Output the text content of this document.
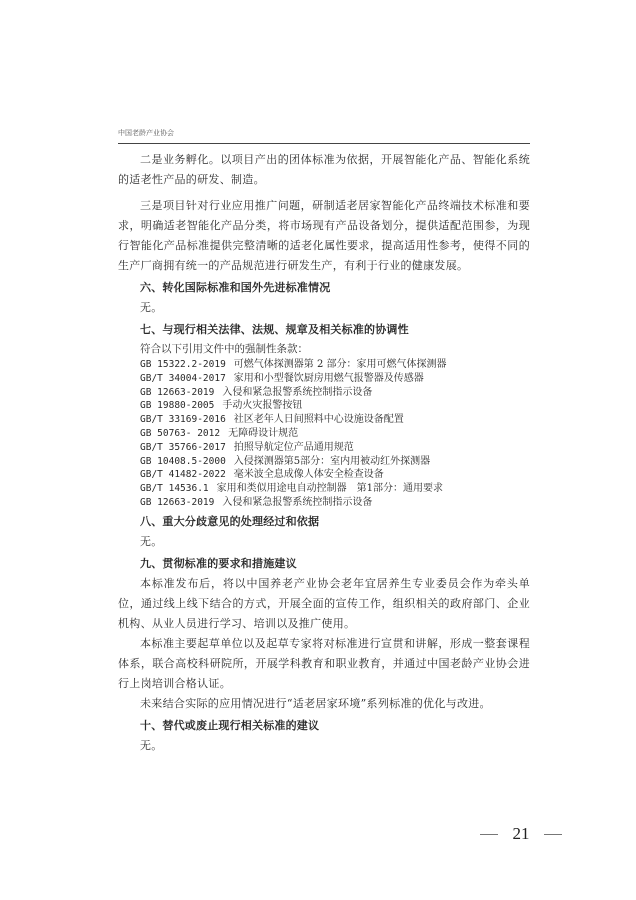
中国老龄产业协会

二是业务孵化。以项目产出的团体标准为依据，开展智能化产品、智能化系统的适老性产品的研发、制造。

三是项目针对行业应用推广问题，研制适老居家智能化产品终端技术标准和要求，明确适老智能化产品分类，将市场现有产品设备划分，提供适配范围参，为现行智能化产品标准提供完整清晰的适老化属性要求，提高适用性参考，使得不同的生产厂商拥有统一的产品规范进行研发生产，有利于行业的健康发展。

六、转化国际标准和国外先进标准情况

无。

七、与现行相关法律、法规、规章及相关标准的协调性

符合以下引用文件中的强制性条款：

GB 15322.2-2019 可燃气体探测器第 2 部分：家用可燃气体探测器
GB/T 34004-2017 家用和小型餐饮厨房用燃气报警器及传感器
GB 12663-2019 入侵和紧急报警系统控制指示设备
GB 19880-2005 手动火灾报警按钮
GB/T 33169-2016 社区老年人日间照料中心设施设备配置
GB 50763- 2012 无障碍设计规范
GB/T 35766-2017 拍照导航定位产品通用规范
GB 10408.5-2000 入侵探测器第5部分：室内用被动红外探测器
GB/T 41482-2022 毫米波全息成像人体安全检查设备
GB/T 14536.1 家用和类似用途电自动控制器　第1部分：通用要求
GB 12663-2019 入侵和紧急报警系统控制指示设备

八、重大分歧意见的处理经过和依据

无。

九、贯彻标准的要求和措施建议

本标准发布后，将以中国养老产业协会老年宜居养生专业委员会作为牵头单位，通过线上线下结合的方式，开展全面的宣传工作，组织相关的政府部门、企业机构、从业人员进行学习、培训以及推广使用。

本标准主要起草单位以及起草专家将对标准进行宣贯和讲解，形成一整套课程体系，联合高校科研院所，开展学科教育和职业教育，并通过中国老龄产业协会进行上岗培训合格认证。

未来结合实际的应用情况进行“适老居家环境”系列标准的优化与改进。

十、替代或废止现行相关标准的建议

无。

21
